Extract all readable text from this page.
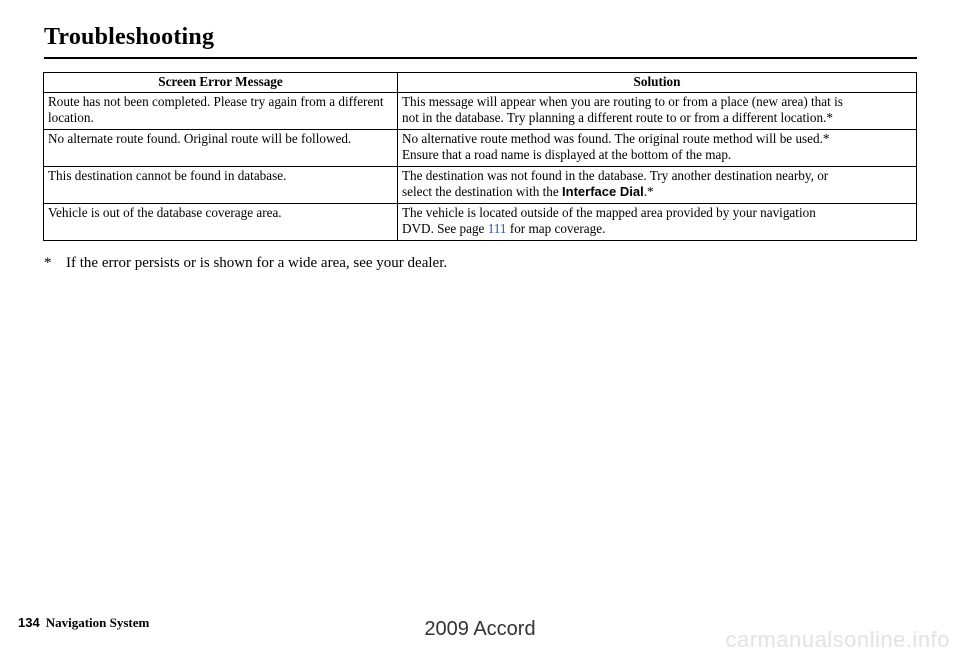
Troubleshooting
Screen Error Message	Solution
Route has not been completed. Please try again from a different location.	This message will appear when you are routing to or from a place (new area) that is
not in the database. Try planning a different route to or from a different location.*

No alternate route found. Original route will be followed.	No alternative route method was found. The original route method will be used.*
Ensure that a road name is displayed at the bottom of the map.

This destination cannot be found in database.	The destination was not found in the database. Try another destination nearby, or
select the destination with the Interface Dial.*

Vehicle is out of the database coverage area.	The vehicle is located outside of the mapped area provided by your navigation
DVD. See page 111 for map coverage.
* If the error persists or is shown for a wide area, see your dealer.
134 Navigation System	2009 Accord	carmanualsonline.info
